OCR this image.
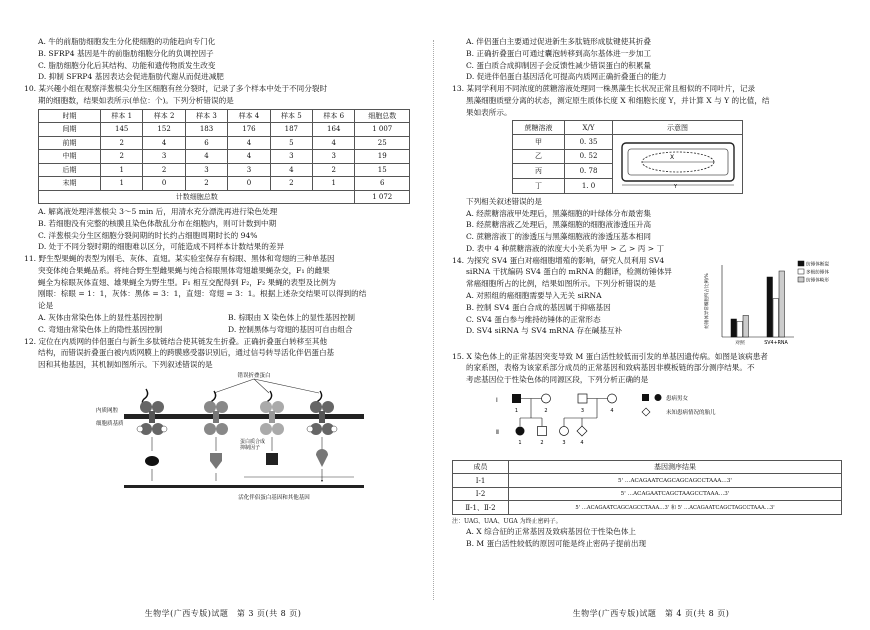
A. 牛的前脂肪细胞发生分化使细胞的功能趋向专门化
B. SFRP4 基因是牛的前脂肪细胞分化的负调控因子
C. 脂肪细胞分化后其结构、功能和遗传物质发生改变
D. 抑制 SFRP4 基因表达会促进脂肪代谢从而促进减肥
10. 某兴趣小组在观察洋葱根尖分生区细胞有丝分裂时，记录了多个样本中处于不同分裂时
期的细胞数，结果如表所示(单位：个)。下列分析错误的是
时期	样本 1	样本 2	样本 3	样本 4	样本 5	样本 6	细胞总数
间期	145	152	183	176	187	164	1 007
前期	2	4	6	4	5	4	25
中期	2	3	4	4	3	3	19
后期	1	2	3	3	4	2	15
末期	1	0	2	0	2	1	6
计数细胞总数							1 072
A. 解离液处理洋葱根尖 3～5 min 后，用清水充分漂洗再进行染色处理
B. 若细胞没有完整的核膜且染色体散乱分布在细胞内，则可计数到中期
C. 洋葱根尖分生区细胞分裂间期的时长约占细胞周期时长的 94%
D. 处于不同分裂时期的细胞难以区分，可能造成不同样本计数结果的差异
11. 野生型果蝇的表型为刚毛、灰体、直翅。某实验室保存有棕眼、黑体和弯翅的三种单基因
突变体纯合果蝇品系。将纯合野生型雌果蝇与纯合棕眼黑体弯翅雄果蝇杂交，F₁ 的雌果
蝇全为棕眼灰体直翅、雄果蝇全为野生型。F₁ 相互交配得到 F₂，F₂ 果蝇的表型及比例为
刚眼：棕眼 = 1：1，灰体：黑体 = 3：1，直翅：弯翅 = 3：1。根据上述杂交结果可以得到的结
论是
A. 灰体由常染色体上的显性基因控制	B. 棕眼由 X 染色体上的显性基因控制
C. 弯翅由常染色体上的隐性基因控制	D. 控制黑体与弯翅的基因可自由组合
12. 定位在内质网的伴侣蛋白与新生多肽链结合使其链发生折叠。正确折叠蛋白转移至其他
结构，而错误折叠蛋白被内质网膜上的跨膜感受器识别后，通过信号转导活化伴侣蛋白基
因和其他基因，其机制如图所示。下列叙述错误的是
错误折叠蛋白
内质网腔
细胞质基质
蛋白质合成抑制因子
活化伴侣蛋白基因和其他基因
生物学(广西专版)试题　第 3 页(共 8 页)
A. 伴侣蛋白主要通过促进新生多肽链形成肽键使其折叠
B. 正确折叠蛋白可通过囊泡转移到高尔基体进一步加工
C. 蛋白质合成抑制因子会反馈性减少错误蛋白的积累量
D. 促进伴侣蛋白基因活化可提高内质网正确折叠蛋白的能力
13. 某同学利用不同浓度的蔗糖溶液处理同一株黑藻生长状况正常且相似的不同叶片，记录
黑藻细胞质壁分离的状态，测定原生质体长度 X 和细胞长度 Y，并计算 X 与 Y 的比值，结
果如表所示。
蔗糖溶液	X/Y	示意图
甲	0. 35	X
Y

乙	0. 52	
丙	0. 78	
丁	1. 0	
下列相关叙述错误的是
A. 经蔗糖溶液甲处理后，黑藻细胞的叶绿体分布最密集
B. 经蔗糖溶液乙处理后，黑藻细胞的细胞液渗透压升高
C. 蔗糖溶液丁的渗透压与黑藻细胞液的渗透压基本相同
D. 表中 4 种蔗糖溶液的浓度大小关系为甲 > 乙 > 丙 > 丁
14. 为探究 SV4 蛋白对癌细胞增殖的影响，研究人员利用 SV4
siRNA 干扰编码 SV4 蛋白的 mRNA 的翻译，检测纺锤体异
常癌细胞所占的比例，结果如图所示。下列分析错误的是
A. 对照组的癌细胞需要导入无关 siRNA
B. 控制 SV4 蛋白合成的基因属于抑癌基因
C. SV4 蛋白参与维持纺锤体的正常形态
D. SV4 siRNA 与 SV4 mRNA 存在碱基互补
纺锤体异常细胞所占比例/%
对照	SV4+RNA
纺锤体断裂
多极纺锤体
纺锤体畸形
15. X 染色体上的正常基因突变导致 M 蛋白活性较低而引发的单基因遗传病。如图是该病患者
的家系图，表格为该家系部分成员的正常基因和致病基因非模板链的部分测序结果。不
考虑基因位于性染色体的同源区段，下列分析正确的是
Ⅰ
Ⅱ
1	2	3	4
1	2	3	4
患病男女
未知患病情况的胎儿
成员	基因测序结果
Ⅰ-1	5' …ACAGAATCAGCAGCAGCCTAAA…3'
Ⅰ-2	5' …ACAGAATCAGCTAAGCCTAAA…3'
Ⅱ-1、Ⅱ-2	5' …ACAGAATCAGCAGCCTAAA…3' 和 5' …ACAGAATCAGCTAGCCTAAA…3'
注：UAG、UAA、UGA 为终止密码子。
A. X 综合征的正常基因及致病基因位于性染色体上
B. M 蛋白活性较低的原因可能是终止密码子提前出现
生物学(广西专版)试题　第 4 页(共 8 页)
